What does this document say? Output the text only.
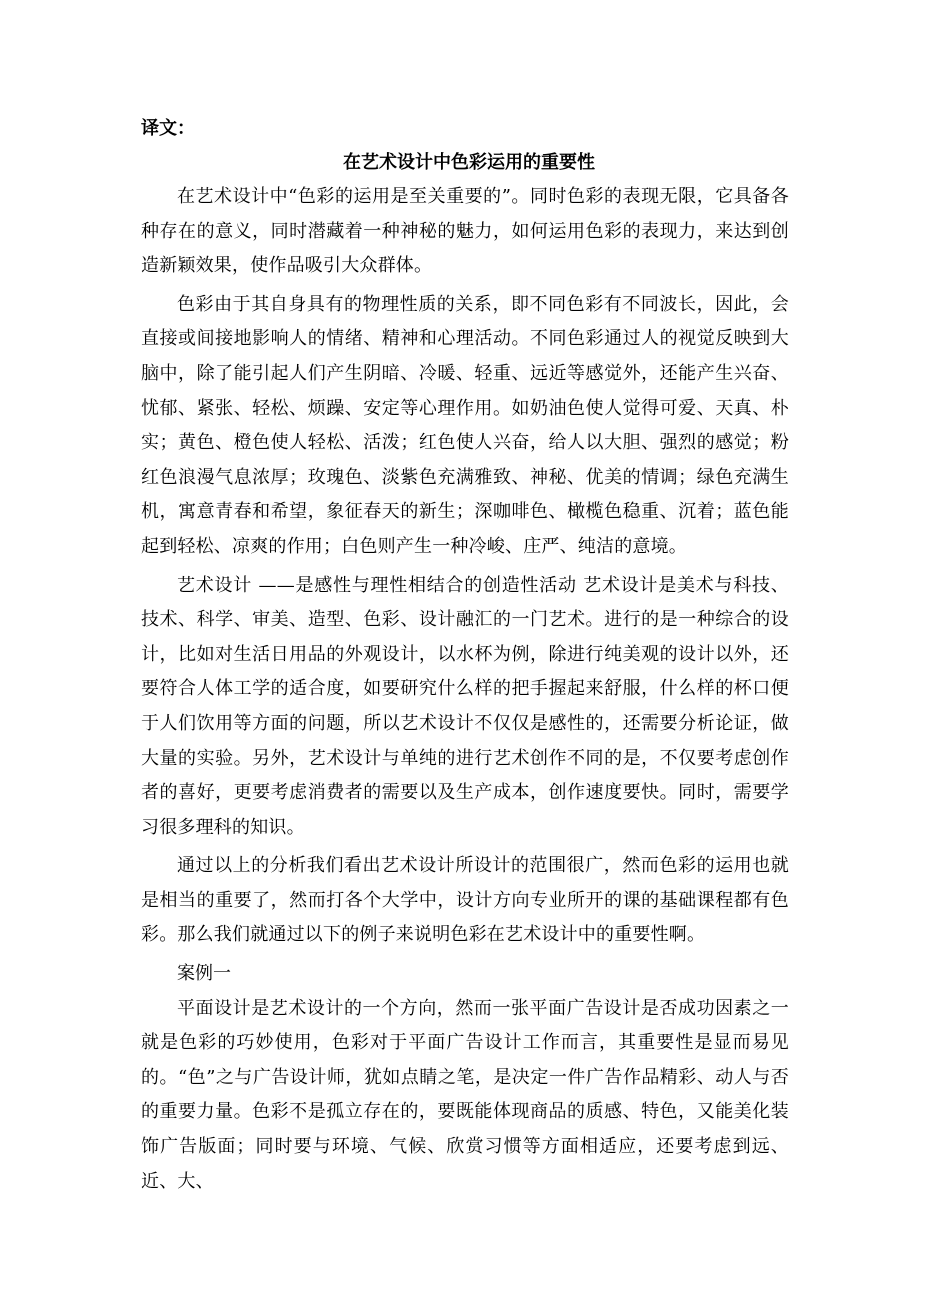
译文：

在艺术设计中色彩运用的重要性

在艺术设计中“色彩的运用是至关重要的”。同时色彩的表现无限，它具备各种存在的意义，同时潜藏着一种神秘的魅力，如何运用色彩的表现力，来达到创造新颖效果，使作品吸引大众群体。

色彩由于其自身具有的物理性质的关系，即不同色彩有不同波长，因此，会直接或间接地影响人的情绪、精神和心理活动。不同色彩通过人的视觉反映到大脑中，除了能引起人们产生阴暗、冷暖、轻重、远近等感觉外，还能产生兴奋、忧郁、紧张、轻松、烦躁、安定等心理作用。如奶油色使人觉得可爱、天真、朴实；黄色、橙色使人轻松、活泼；红色使人兴奋，给人以大胆、强烈的感觉；粉红色浪漫气息浓厚；玫瑰色、淡紫色充满雅致、神秘、优美的情调；绿色充满生机，寓意青春和希望，象征春天的新生；深咖啡色、橄榄色稳重、沉着；蓝色能起到轻松、凉爽的作用；白色则产生一种冷峻、庄严、纯洁的意境。

艺术设计 ——是感性与理性相结合的创造性活动 艺术设计是美术与科技、技术、科学、审美、造型、色彩、设计融汇的一门艺术。进行的是一种综合的设计，比如对生活日用品的外观设计，以水杯为例，除进行纯美观的设计以外，还要符合人体工学的适合度，如要研究什么样的把手握起来舒服，什么样的杯口便于人们饮用等方面的问题，所以艺术设计不仅仅是感性的，还需要分析论证，做大量的实验。另外，艺术设计与单纯的进行艺术创作不同的是，不仅要考虑创作者的喜好，更要考虑消费者的需要以及生产成本，创作速度要快。同时，需要学习很多理科的知识。

通过以上的分析我们看出艺术设计所设计的范围很广，然而色彩的运用也就是相当的重要了，然而打各个大学中，设计方向专业所开的课的基础课程都有色彩。那么我们就通过以下的例子来说明色彩在艺术设计中的重要性啊。

案例一

平面设计是艺术设计的一个方向，然而一张平面广告设计是否成功因素之一就是色彩的巧妙使用，色彩对于平面广告设计工作而言，其重要性是显而易见的。“色”之与广告设计师，犹如点睛之笔，是决定一件广告作品精彩、动人与否的重要力量。色彩不是孤立存在的，要既能体现商品的质感、特色，又能美化装饰广告版面；同时要与环境、气候、欣赏习惯等方面相适应，还要考虑到远、近、大、
